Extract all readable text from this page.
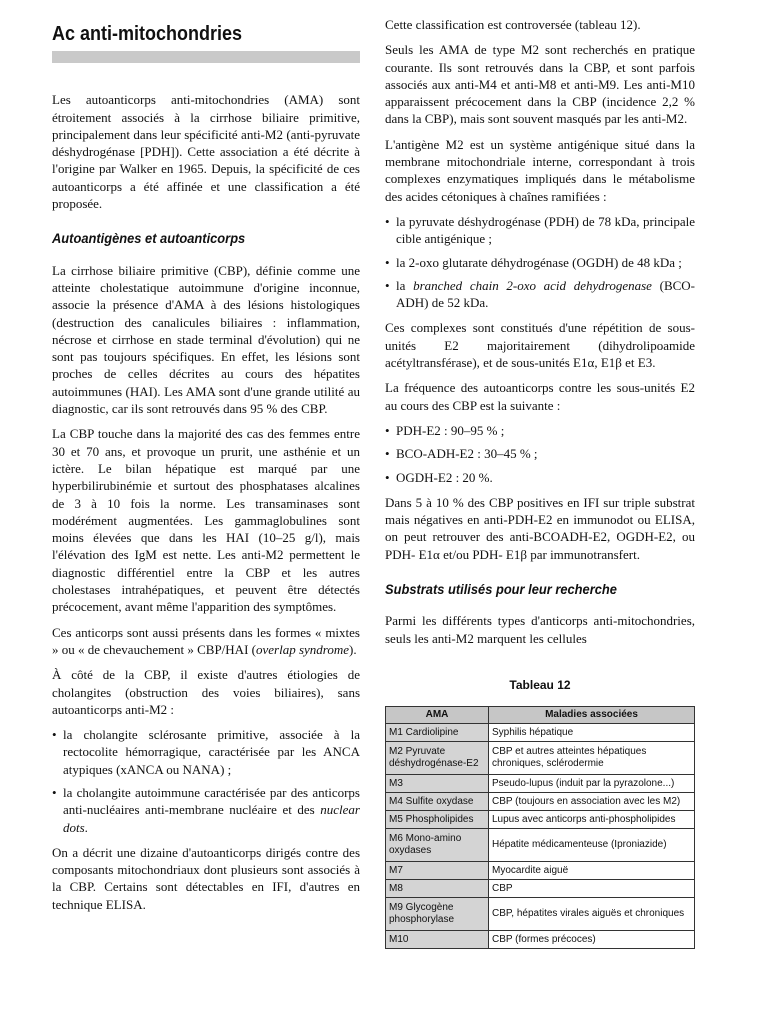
Ac anti-mitochondries

Les autoanticorps anti-mitochondries (AMA) sont étroitement associés à la cirrhose biliaire primitive, principalement dans leur spécificité anti-M2 (anti-pyruvate déshydrogénase [PDH]). Cette association a été décrite à l'origine par Walker en 1965. Depuis, la spécificité de ces autoanticorps a été affinée et une classification a été proposée.

Autoantigènes et autoanticorps

La cirrhose biliaire primitive (CBP), définie comme une atteinte cholestatique autoimmune d'origine inconnue, associe la présence d'AMA à des lésions histologiques (destruction des canalicules biliaires : inflammation, nécrose et cirrhose en stade terminal d'évolution) qui ne sont pas toujours spécifiques. En effet, les lésions sont proches de celles décrites au cours des hépatites autoimmunes (HAI). Les AMA sont d'une grande utilité au diagnostic, car ils sont retrouvés dans 95 % des CBP.

La CBP touche dans la majorité des cas des femmes entre 30 et 70 ans, et provoque un prurit, une asthénie et un ictère. Le bilan hépatique est marqué par une hyperbilirubinémie et surtout des phosphatases alcalines de 3 à 10 fois la norme. Les transaminases sont modérément augmentées. Les gammaglobulines sont moins élevées que dans les HAI (10–25 g/l), mais l'élévation des IgM est nette. Les anti-M2 permettent le diagnostic différentiel entre la CBP et les autres cholestases intrahépatiques, et peuvent être détectés précocement, avant même l'apparition des symptômes.

Ces anticorps sont aussi présents dans les formes « mixtes » ou « de chevauchement » CBP/HAI (overlap syndrome).

À côté de la CBP, il existe d'autres étiologies de cholangites (obstruction des voies biliaires), sans autoanticorps anti-M2 :

• la cholangite sclérosante primitive, associée à la rectocolite hémorragique, caractérisée par les ANCA atypiques (xANCA ou NANA) ;
• la cholangite autoimmune caractérisée par des anticorps anti-nucléaires anti-membrane nucléaire et des nuclear dots.

On a décrit une dizaine d'autoanticorps dirigés contre des composants mitochondriaux dont plusieurs sont associés à la CBP. Certains sont détectables en IFI, d'autres en technique ELISA.

Cette classification est controversée (tableau 12).

Seuls les AMA de type M2 sont recherchés en pratique courante. Ils sont retrouvés dans la CBP, et sont parfois associés aux anti-M4 et anti-M8 et anti-M9. Les anti-M10 apparaissent précocement dans la CBP (incidence 2,2 % dans la CBP), mais sont souvent masqués par les anti-M2.

L'antigène M2 est un système antigénique situé dans la membrane mitochondriale interne, correspondant à trois complexes enzymatiques impliqués dans le métabolisme des acides cétoniques à chaînes ramifiées :

• la pyruvate déshydrogénase (PDH) de 78 kDa, principale cible antigénique ;
• la 2-oxo glutarate déhydrogénase (OGDH) de 48 kDa ;
• la branched chain 2-oxo acid dehydrogenase (BCO-ADH) de 52 kDa.

Ces complexes sont constitués d'une répétition de sous-unités E2 majoritairement (dihydrolipoamide acétyltransférase), et de sous-unités E1α, E1β et E3.

La fréquence des autoanticorps contre les sous-unités E2 au cours des CBP est la suivante :

• PDH-E2 : 90–95 % ;
• BCO-ADH-E2 : 30–45 % ;
• OGDH-E2 : 20 %.

Dans 5 à 10 % des CBP positives en IFI sur triple substrat mais négatives en anti-PDH-E2 en immunodot ou ELISA, on peut retrouver des anti-BCOADH-E2, OGDH-E2, ou PDH- E1α et/ou PDH- E1β par immunotransfert.

Substrats utilisés pour leur recherche

Parmi les différents types d'anticorps anti-mitochondries, seuls les anti-M2 marquent les cellules

Tableau 12
AMA	Maladies associées
M1 Cardiolipine	Syphilis hépatique
M2 Pyruvate déshydrogénase-E2	CBP et autres atteintes hépatiques chroniques, sclérodermie
M3	Pseudo-lupus (induit par la pyrazolone...)
M4 Sulfite oxydase	CBP (toujours en association avec les M2)
M5 Phospholipides	Lupus avec anticorps anti-phospholipides
M6 Mono-amino oxydases	Hépatite médicamenteuse (Iproniazide)
M7	Myocardite aiguë
M8	CBP
M9 Glycogène phosphorylase	CBP, hépatites virales aiguës et chroniques
M10	CBP (formes précoces)
